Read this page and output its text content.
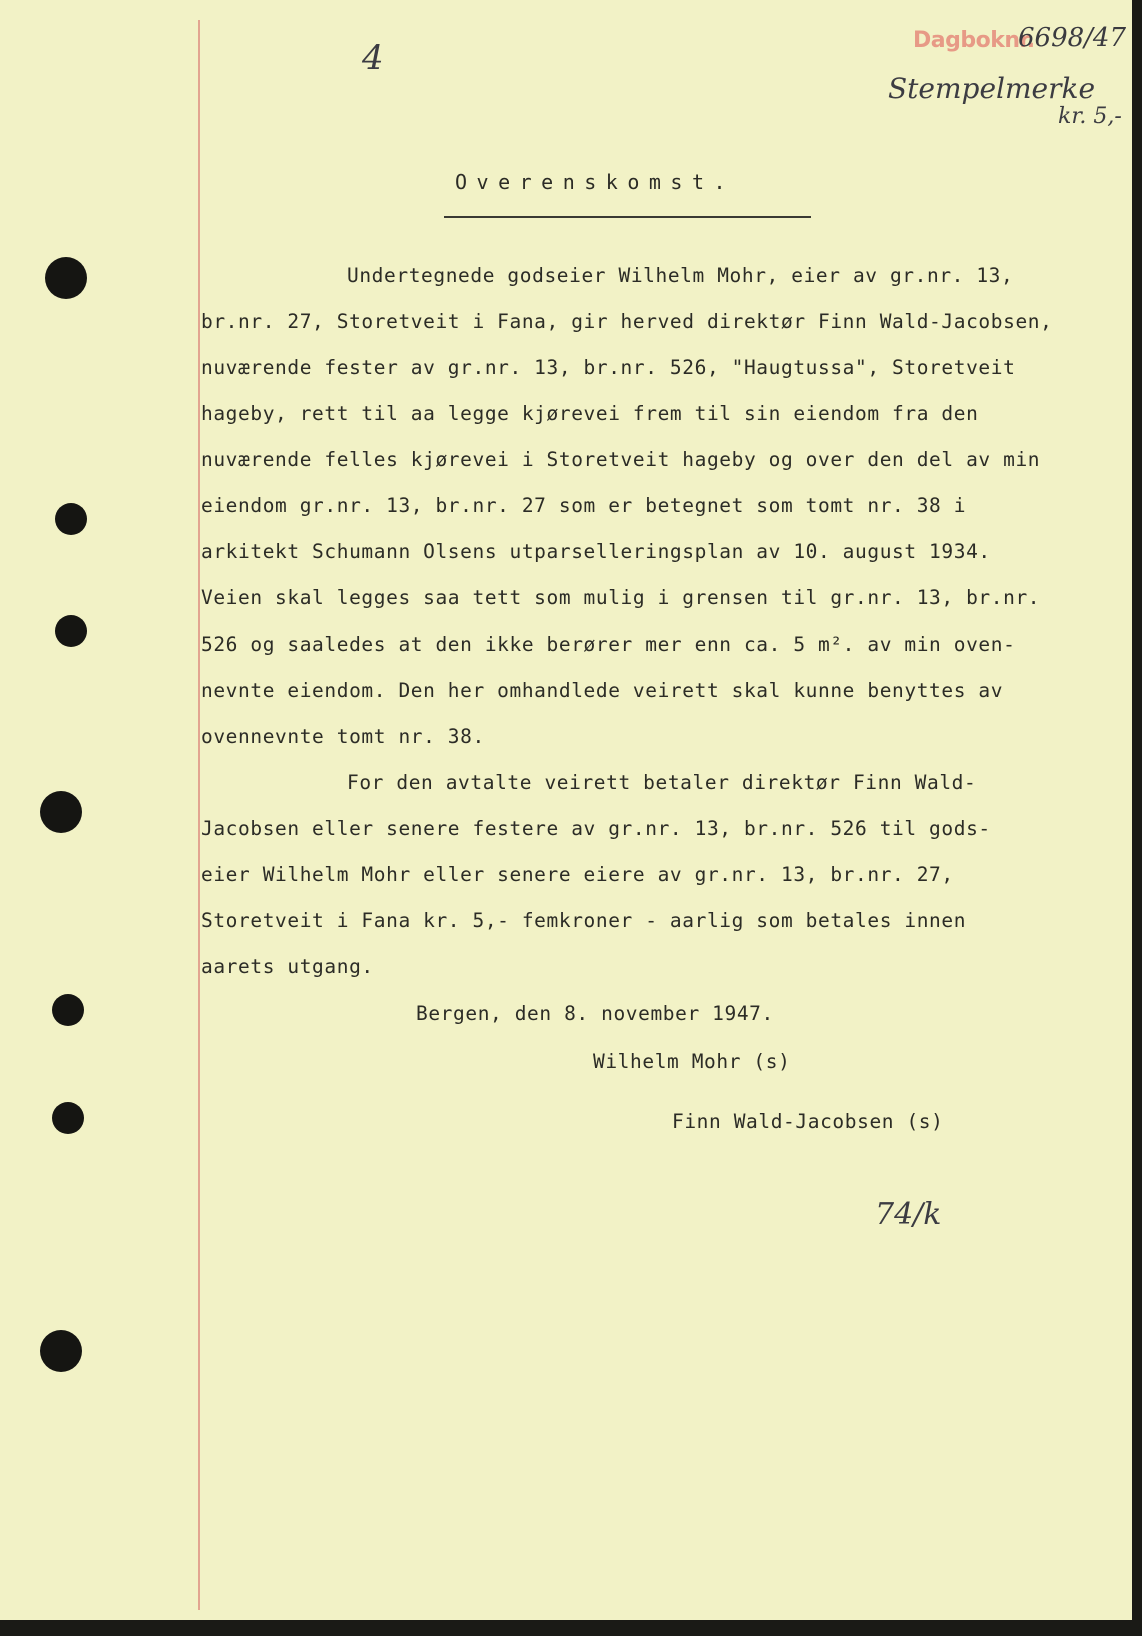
Dagboknr.
6698/47
4
Stempelmerke
kr. 5,-
74/k
Overenskomst.
Undertegnede godseier Wilhelm Mohr, eier av gr.nr. 13,
br.nr. 27, Storetveit i Fana, gir herved direktør Finn Wald-Jacobsen,
nuværende fester av gr.nr. 13, br.nr. 526, "Haugtussa", Storetveit
hageby, rett til aa legge kjørevei frem til sin eiendom fra den
nuværende felles kjørevei i Storetveit hageby og over den del av min
eiendom gr.nr. 13, br.nr. 27 som er betegnet som tomt nr. 38 i
arkitekt Schumann Olsens utparselleringsplan av 10. august 1934.
Veien skal legges saa tett som mulig i grensen til gr.nr. 13, br.nr.
526 og saaledes at den ikke berører mer enn ca. 5 m². av min oven-
nevnte eiendom. Den her omhandlede veirett skal kunne benyttes av
ovennevnte tomt nr. 38.
For den avtalte veirett betaler direktør Finn Wald-
Jacobsen eller senere festere av gr.nr. 13, br.nr. 526 til gods-
eier Wilhelm Mohr eller senere eiere av gr.nr. 13, br.nr. 27,
Storetveit i Fana kr. 5,- femkroner - aarlig som betales innen
aarets utgang.
Bergen, den 8. november 1947.
Wilhelm Mohr (s)
Finn Wald-Jacobsen (s)
